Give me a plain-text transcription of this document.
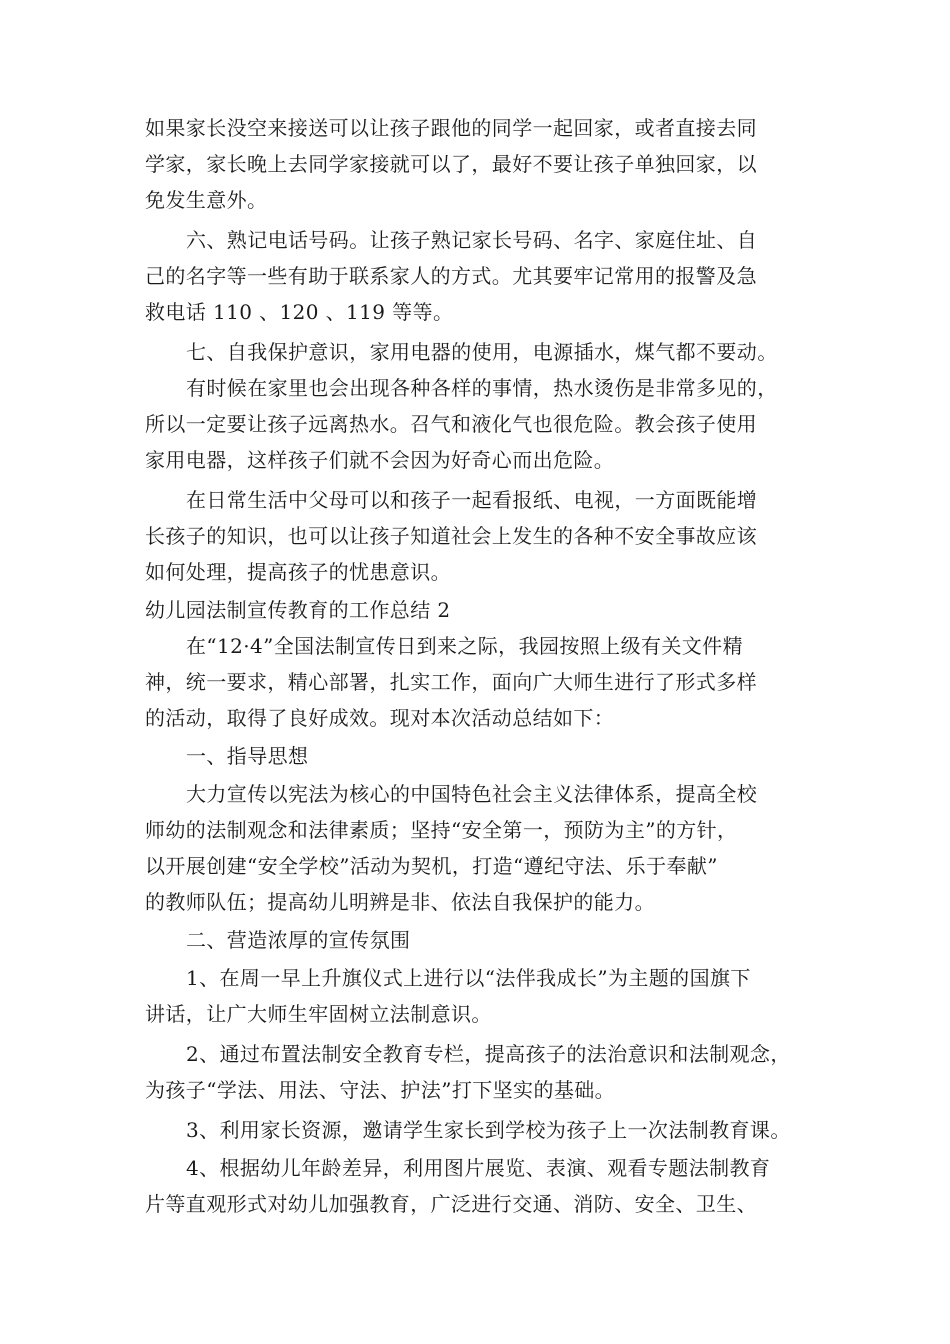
如果家长没空来接送可以让孩子跟他的同学一起回家，或者直接去同
学家，家长晚上去同学家接就可以了，最好不要让孩子单独回家，以
免发生意外。
六、熟记电话号码。让孩子熟记家长号码、名字、家庭住址、自
己的名字等一些有助于联系家人的方式。尤其要牢记常用的报警及急
救电话 110 、120 、119 等等。
七、自我保护意识，家用电器的使用，电源插水，煤气都不要动。
有时候在家里也会出现各种各样的事情，热水烫伤是非常多见的，
所以一定要让孩子远离热水。召气和液化气也很危险。教会孩子使用
家用电器，这样孩子们就不会因为好奇心而出危险。
在日常生活中父母可以和孩子一起看报纸、电视，一方面既能增
长孩子的知识，也可以让孩子知道社会上发生的各种不安全事故应该
如何处理，提高孩子的忧患意识。
幼儿园法制宣传教育的工作总结 2
在“12·4”全国法制宣传日到来之际，我园按照上级有关文件精
神，统一要求，精心部署，扎实工作，面向广大师生进行了形式多样
的活动，取得了良好成效。现对本次活动总结如下：
一、指导思想
大力宣传以宪法为核心的中国特色社会主义法律体系，提高全校
师幼的法制观念和法律素质；坚持“安全第一，预防为主”的方针，
以开展创建“安全学校”活动为契机，打造“遵纪守法、乐于奉献”
的教师队伍；提高幼儿明辨是非、依法自我保护的能力。
二、营造浓厚的宣传氛围
1、在周一早上升旗仪式上进行以“法伴我成长”为主题的国旗下
讲话，让广大师生牢固树立法制意识。
2、通过布置法制安全教育专栏，提高孩子的法治意识和法制观念，
为孩子“学法、用法、守法、护法”打下坚实的基础。
3、利用家长资源，邀请学生家长到学校为孩子上一次法制教育课。
4、根据幼儿年龄差异，利用图片展览、表演、观看专题法制教育
片等直观形式对幼儿加强教育，广泛进行交通、消防、安全、卫生、
